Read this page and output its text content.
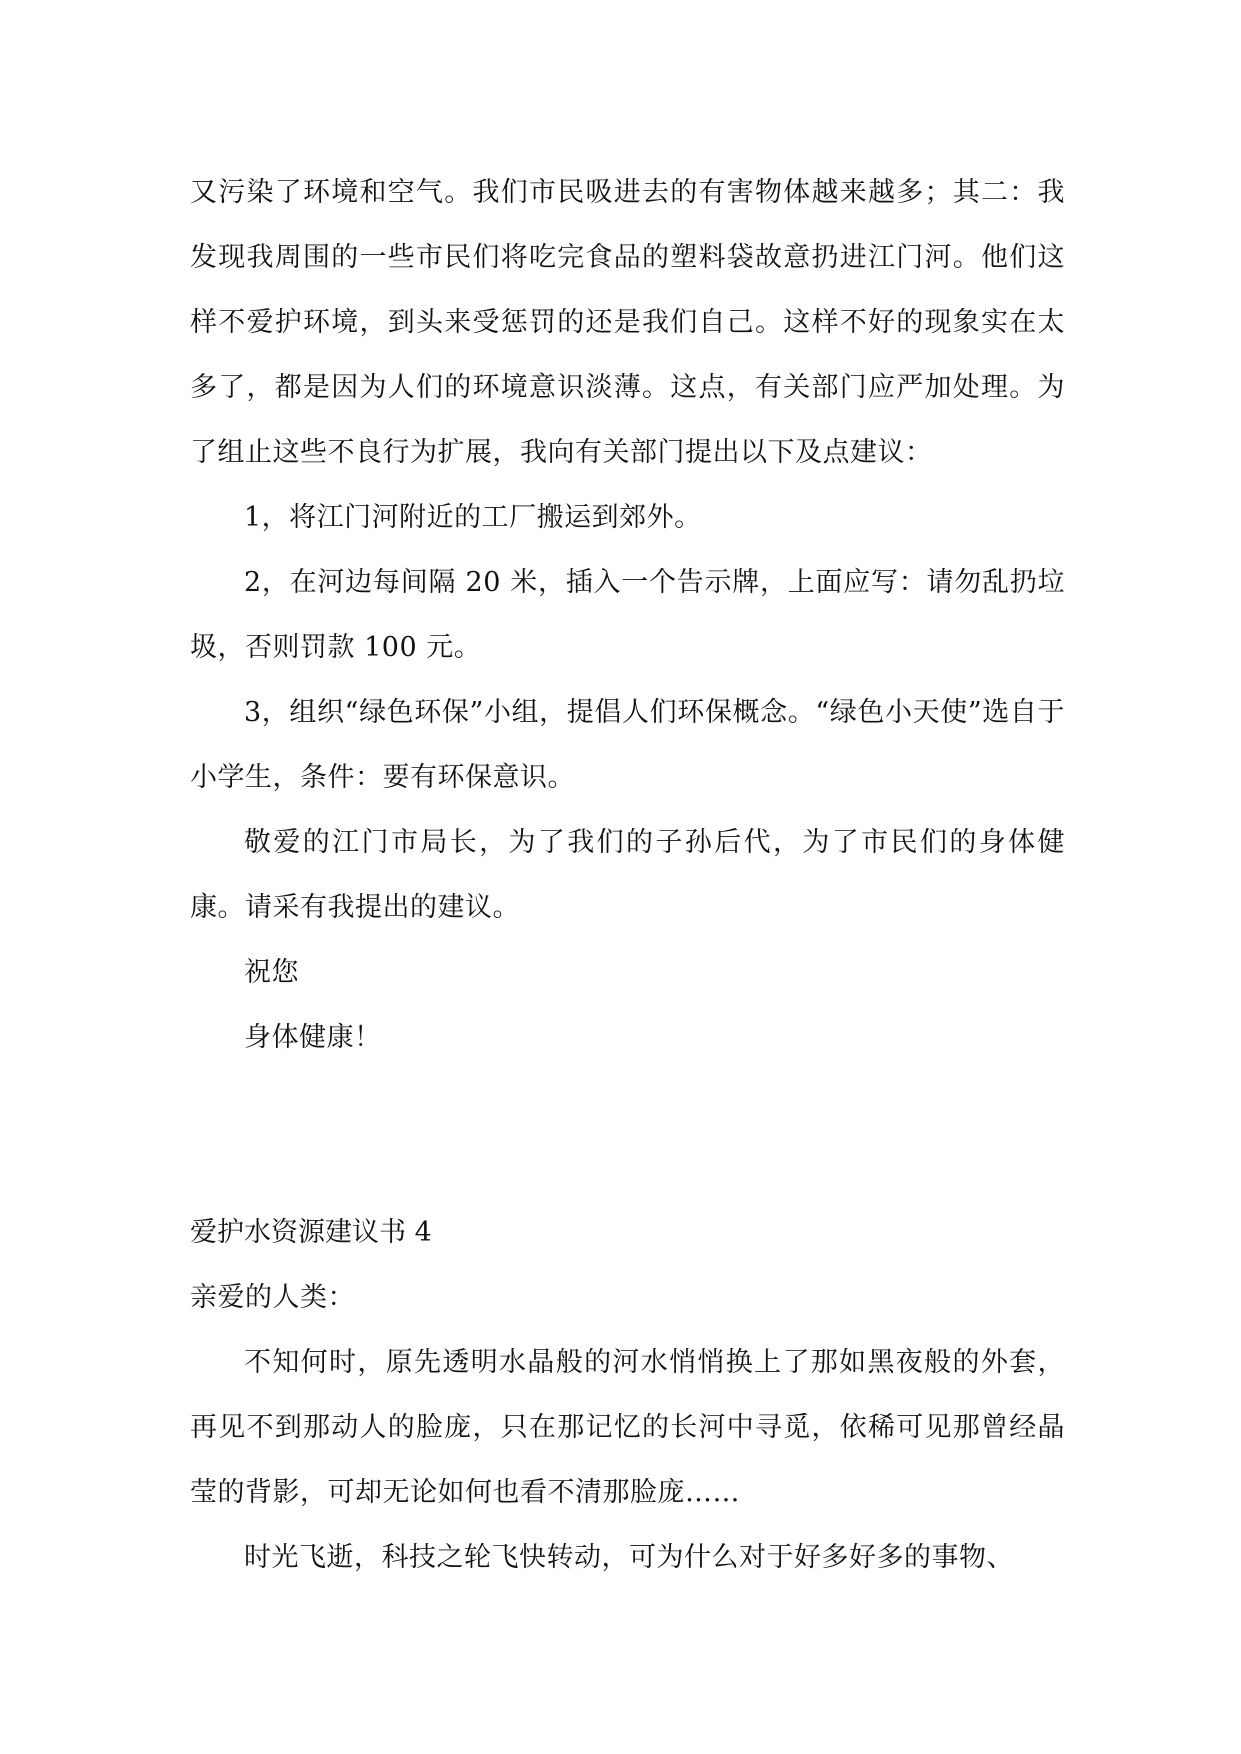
又污染了环境和空气。我们市民吸进去的有害物体越来越多；其二：我发现我周围的一些市民们将吃完食品的塑料袋故意扔进江门河。他们这样不爱护环境，到头来受惩罚的还是我们自己。这样不好的现象实在太多了，都是因为人们的环境意识淡薄。这点，有关部门应严加处理。为了组止这些不良行为扩展，我向有关部门提出以下及点建议：

1，将江门河附近的工厂搬运到郊外。

2，在河边每间隔 20 米，插入一个告示牌，上面应写：请勿乱扔垃圾，否则罚款 100 元。

3，组织“绿色环保”小组，提倡人们环保概念。“绿色小天使”选自于小学生，条件：要有环保意识。

敬爱的江门市局长，为了我们的子孙后代，为了市民们的身体健康。请采有我提出的建议。

祝您

身体健康！

爱护水资源建议书 4

亲爱的人类：

不知何时，原先透明水晶般的河水悄悄换上了那如黑夜般的外套，再见不到那动人的脸庞，只在那记忆的长河中寻觅，依稀可见那曾经晶莹的背影，可却无论如何也看不清那脸庞……

时光飞逝，科技之轮飞快转动，可为什么对于好多好多的事物、
